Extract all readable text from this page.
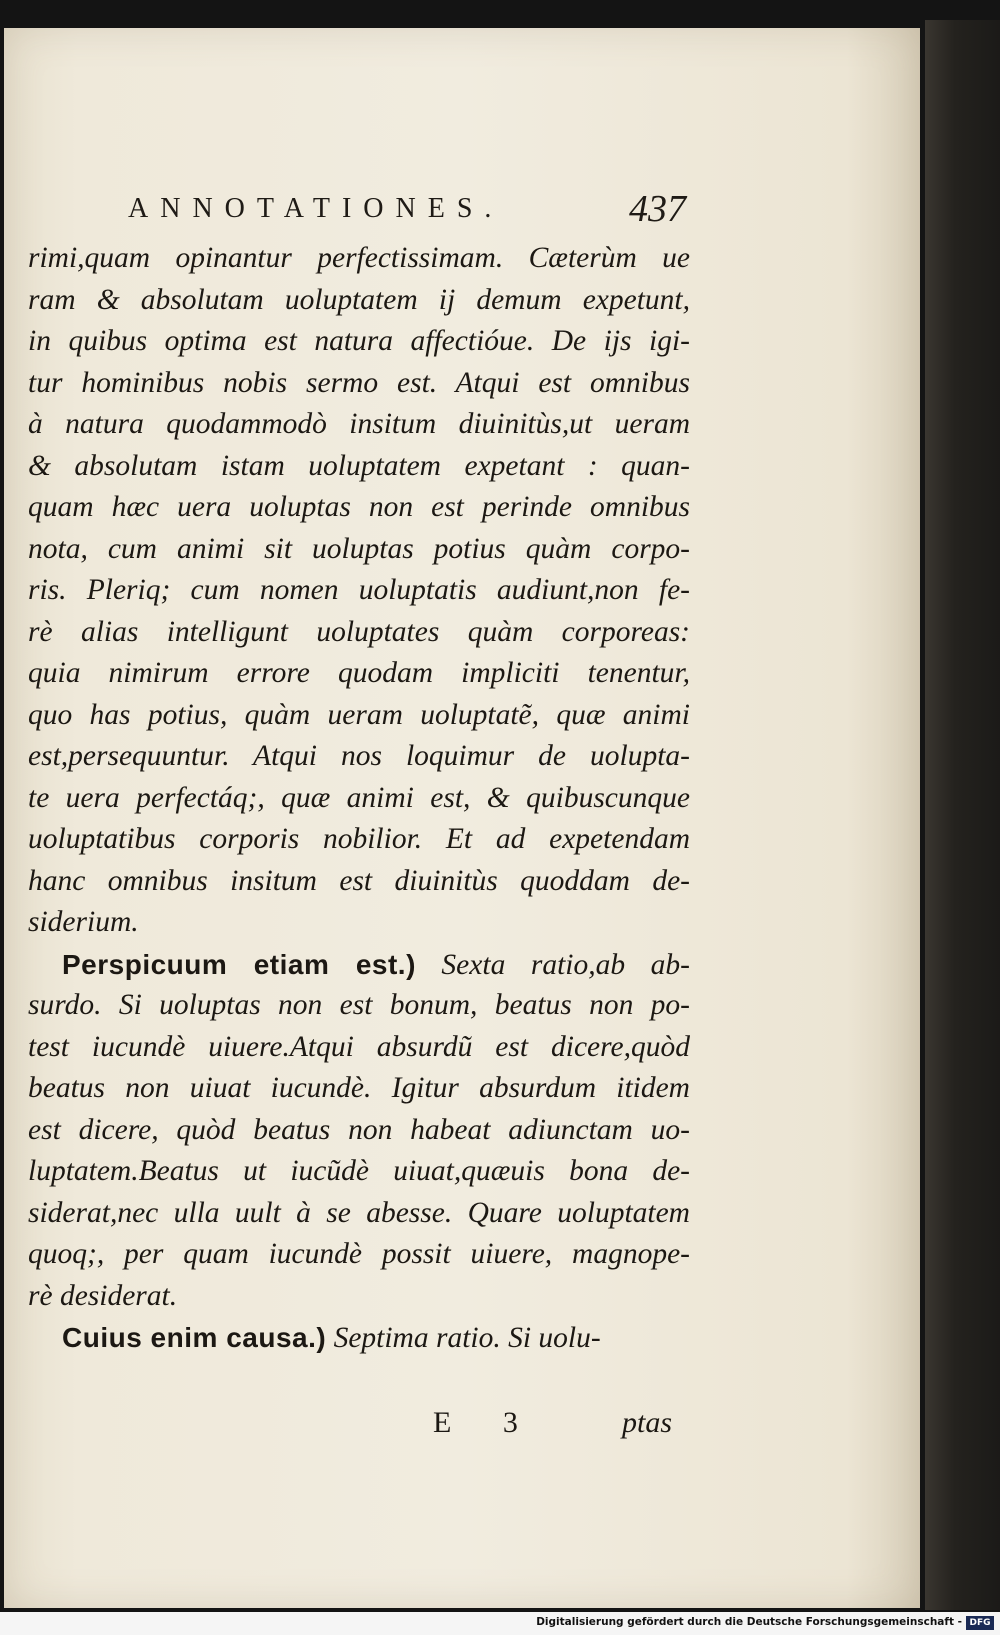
ANNOTATIONES.	437
rimi,quam opinantur perfectissimam. Cæterùm ue
ram & absolutam uoluptatem ij demum expetunt,
in quibus optima est natura affectióue. De ijs igi-
tur hominibus nobis sermo est. Atqui est omnibus
à natura quodammodò insitum diuinitùs,ut ueram
& absolutam istam uoluptatem expetant : quan-
quam hæc uera uoluptas non est perinde omnibus
nota, cum animi sit uoluptas potius quàm corpo-
ris. Pleriq; cum nomen uoluptatis audiunt,non fe-
rè alias intelligunt uoluptates quàm corporeas:
quia nimirum errore quodam impliciti tenentur,
quo has potius, quàm ueram uoluptatẽ, quæ animi
est,persequuntur. Atqui nos loquimur de uolupta-
te uera perfectáq;, quæ animi est, & quibuscunque
uoluptatibus corporis nobilior. Et ad expetendam
hanc omnibus insitum est diuinitùs quoddam de-
siderium.
Perspicuum etiam est.) Sexta ratio,ab ab-
surdo. Si uoluptas non est bonum, beatus non po-
test iucundè uiuere.Atqui absurdũ est dicere,quòd
beatus non uiuat iucundè. Igitur absurdum itidem
est dicere, quòd beatus non habeat adiunctam uo-
luptatem.Beatus ut iucũdè uiuat,quæuis bona de-
siderat,nec ulla uult à se abesse. Quare uoluptatem
quoq;, per quam iucundè possit uiuere, magnope-
rè desiderat.
Cuius enim causa.) Septima ratio. Si uolu-
E 3	ptas
Digitalisierung gefördert durch die Deutsche Forschungsgemeinschaft - DFG
